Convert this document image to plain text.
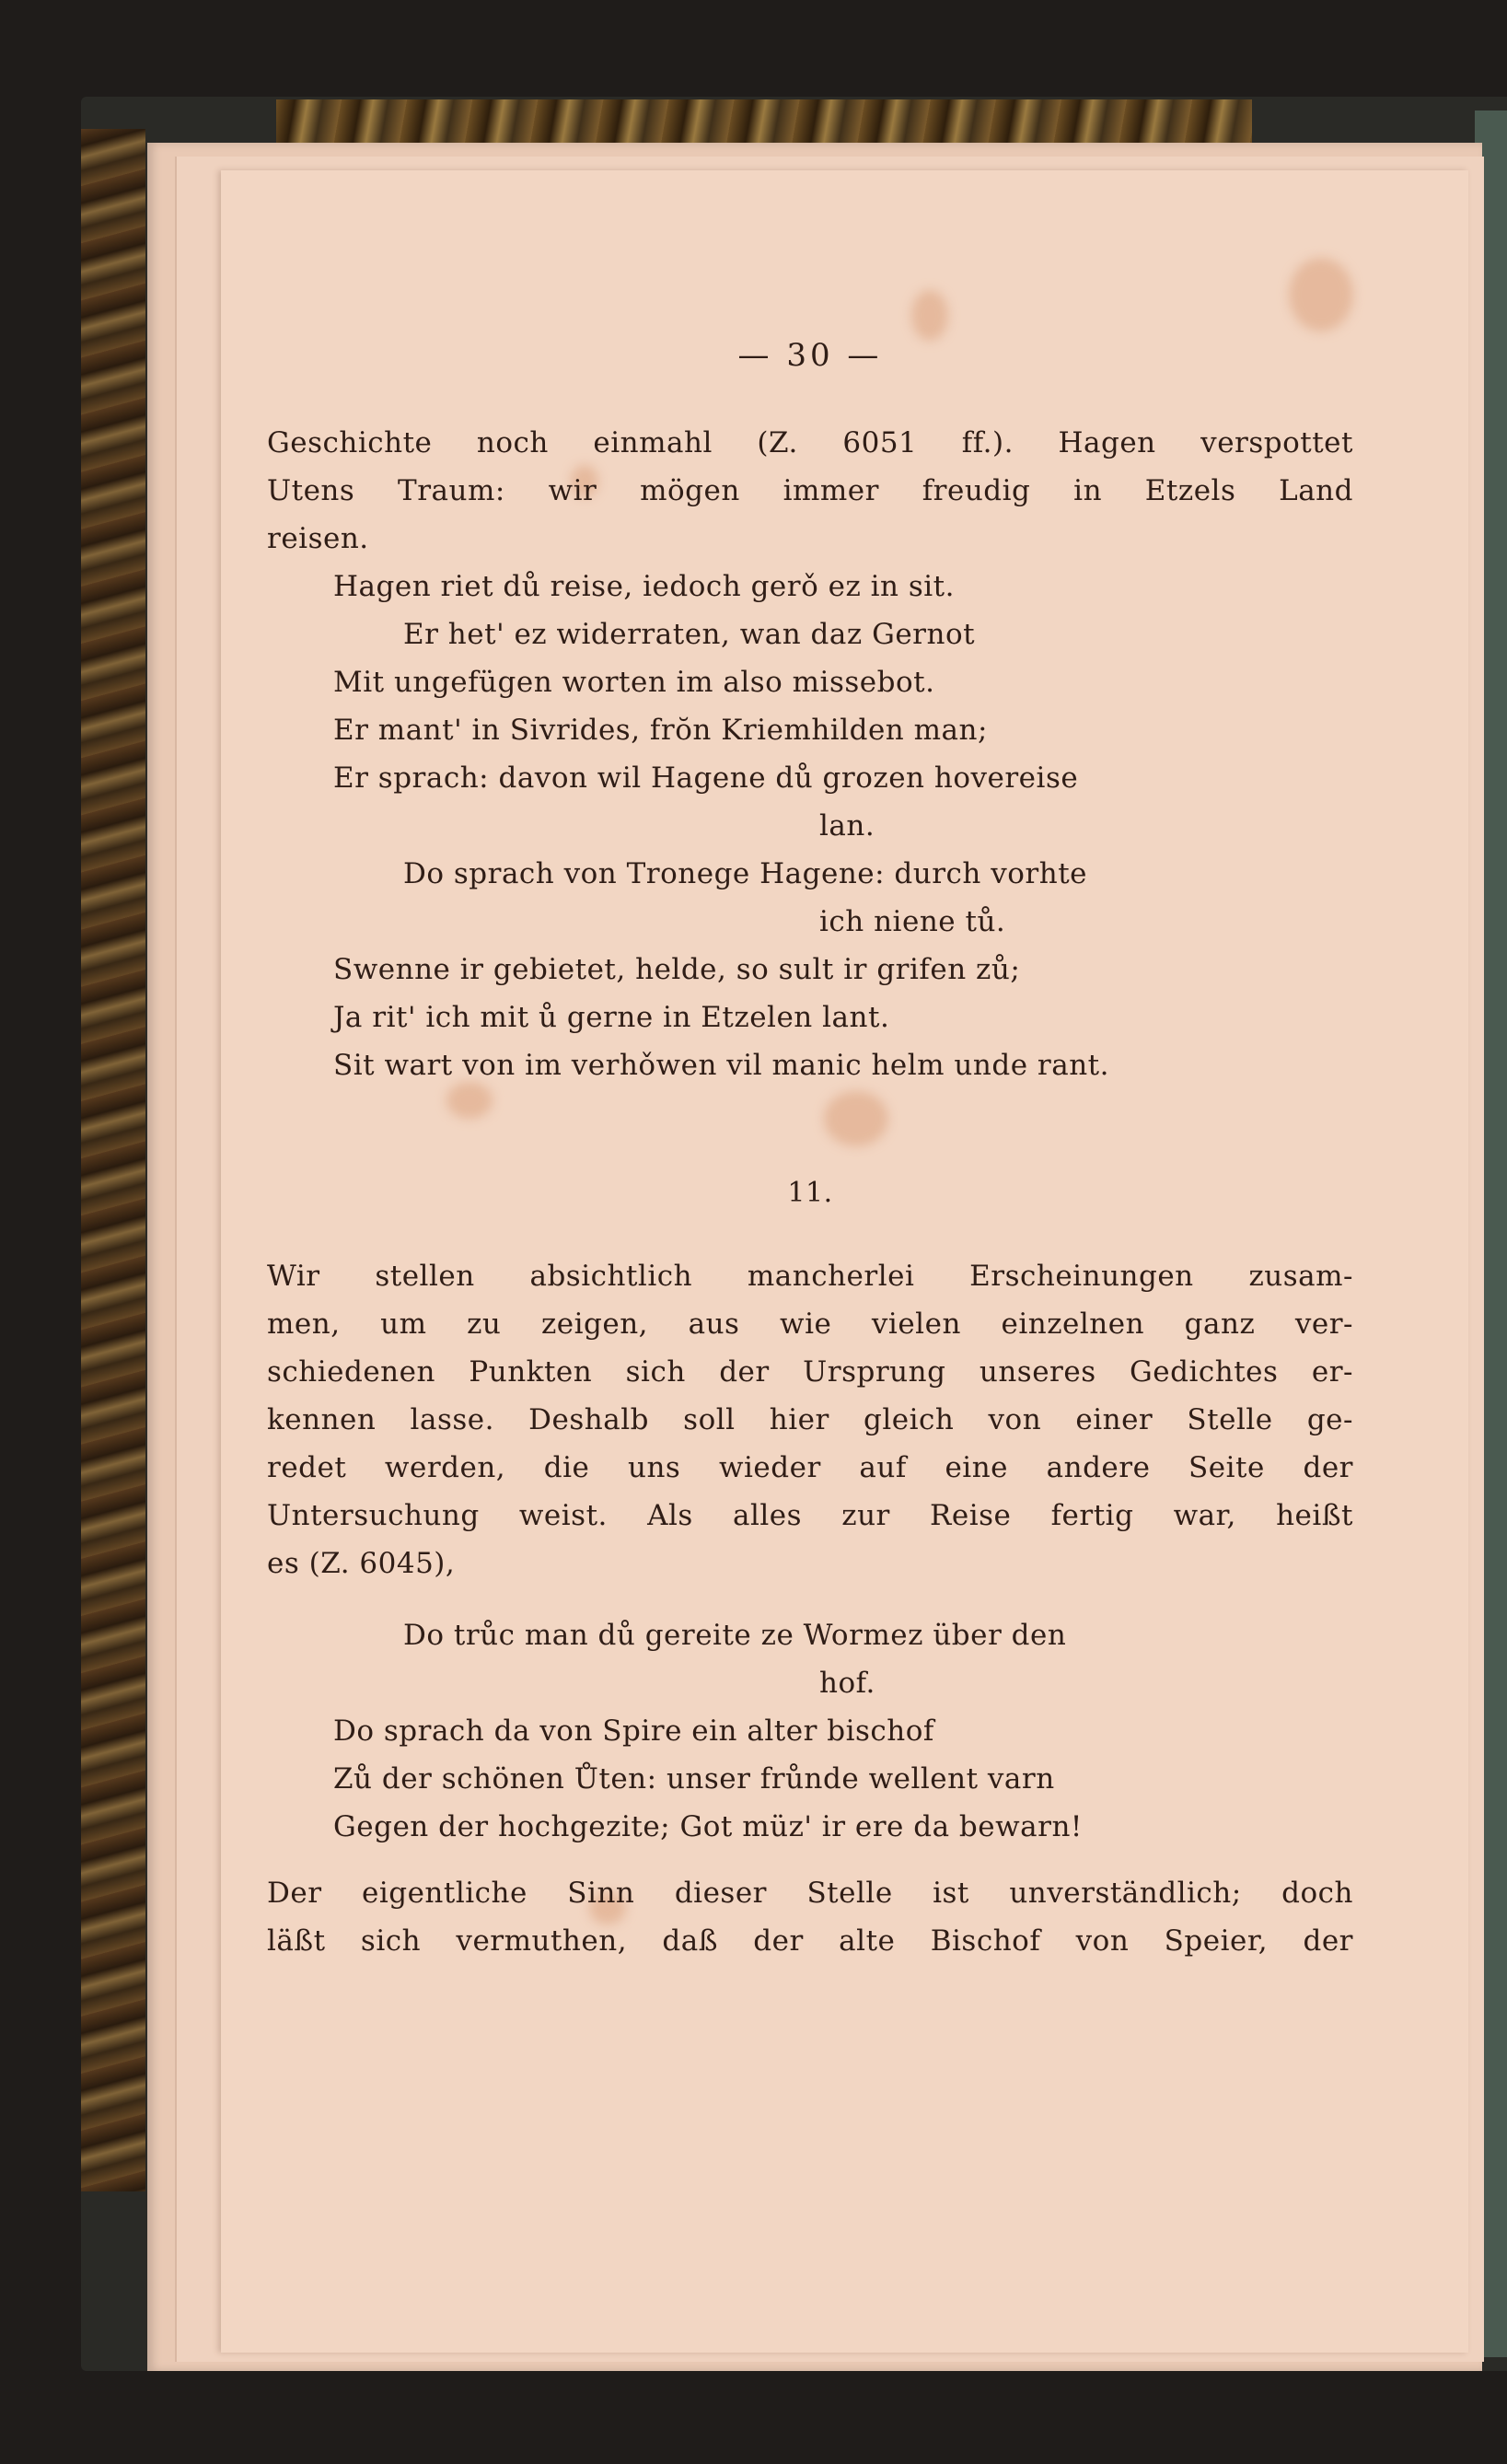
— 30 —
Geschichte noch einmahl (Z. 6051 ff.). Hagen verspottet
Utens Traum: wir mögen immer freudig in Etzels Land
reisen.
Hagen riet dů reise, iedoch gerǒ ez in sit.
Er het' ez widerraten, wan daz Gernot
Mit ungefügen worten im also missebot.
Er mant' in Sivrides, frŏn Kriemhilden man;
Er sprach: davon wil Hagene dů grozen hovereise
lan.
Do sprach von Tronege Hagene: durch vorhte
ich niene tů.
Swenne ir gebietet, helde, so sult ir grifen zů;
Ja rit' ich mit ů gerne in Etzelen lant.
Sit wart von im verhǒwen vil manic helm unde rant.
11.
Wir stellen absichtlich mancherlei Erscheinungen zusam-
men, um zu zeigen, aus wie vielen einzelnen ganz ver-
schiedenen Punkten sich der Ursprung unseres Gedichtes er-
kennen lasse. Deshalb soll hier gleich von einer Stelle ge-
redet werden, die uns wieder auf eine andere Seite der
Untersuchung weist. Als alles zur Reise fertig war, heißt
es (Z. 6045),
Do trůc man dů gereite ze Wormez über den
hof.
Do sprach da von Spire ein alter bischof
Zů der schönen Ůten: unser frůnde wellent varn
Gegen der hochgezite; Got müz' ir ere da bewarn!
Der eigentliche Sinn dieser Stelle ist unverständlich; doch
läßt sich vermuthen, daß der alte Bischof von Speier, der
